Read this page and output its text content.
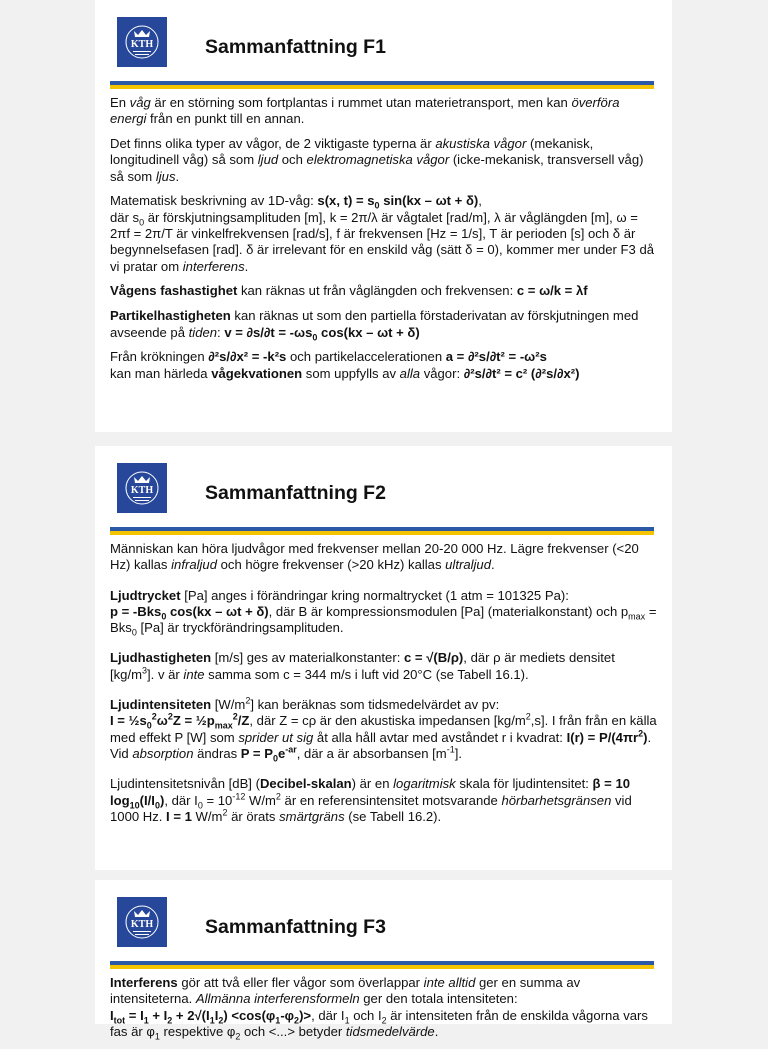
KTH	Sammanfattning F1

En våg är en störning som fortplantas i rummet utan materietransport, men kan överföra energi från en punkt till en annan.

Det finns olika typer av vågor, de 2 viktigaste typerna är akustiska vågor (mekanisk, longitudinell våg) så som ljud och elektromagnetiska vågor (icke-mekanisk, transversell våg) så som ljus.

Matematisk beskrivning av 1D-våg: s(x, $t) = s_0$ sin(kx – ωt + δ),
där $s_0$ är förskjutningsamplituden [m], k = 2π/λ är vågtalet [rad/m], λ är våglängden [m], ω = 2πf = 2π/T är vinkelfrekvensen [rad/s], f är frekvensen [Hz = 1/s], T är perioden [s] och δ är begynnelsefasen [rad]. δ är irrelevant för en enskild våg (sätt δ = 0), kommer mer under F3 då vi pratar om interferens.

Vågens fashastighet kan räknas ut från våglängden och frekvensen: c = ω/k = λf

Partikelhastigheten kan räknas ut som den partiella förstaderivatan av förskjutningen med avseende på tiden: $v = \partial s/\partial t = -\omega s_0$ cos(kx – ωt + δ)

Från krökningen ∂²s/∂x² = -k²s och partikelaccelerationen a = ∂²s/∂t² = -ω²s
kan man härleda vågekvationen som uppfylls av alla vågor: ∂²s/∂t² = c² (∂²s/∂x²)

KTH	Sammanfattning F2

Människan kan höra ljudvågor med frekvenser mellan 20-20 000 Hz. Lägre frekvenser (<20 Hz) kallas infraljud och högre frekvenser (>20 kHz) kallas ultraljud.

Ljudtrycket [Pa] anges i förändringar kring normaltrycket (1 atm = 101325 Pa):
p = -Bks$_0$ cos(kx – ωt + δ), där B är kompressionsmodulen [Pa] (materialkonstant) och $p_{max} = Bks_0$ [Pa] är tryckförändringsamplituden.

Ljudhastigheten [m/s] ges av materialkonstanter: c = √(B/ρ), där ρ är mediets densitet $[kg/m^3]$. v är inte samma som c = 344 m/s i luft vid 20°C (se Tabell 16.1).

Ljudintensiteten $[W/m^2]$ kan beräknas som tidsmedelvärdet av pv:
$I = \frac{1}{2}s_0^2\omega^2Z$ = $\frac{1}{2}p_{max}^2/Z$, där Z = cρ är den akustiska impedansen $[kg/m^2,s]$. I från från en källa med effekt P [W] som sprider ut sig åt alla håll avtar med avståndet r i kvadrat: $I(r) = P/(4\pi r^2)$. Vid absorption ändras $P = P_0e^{-ar}$, där a är absorbansen $[m^{-1}]$.

Ljudintensitetsnivån [dB] (Decibel-skalan) är en logaritmisk skala för ljudintensitet: β = 10 $\log_{10}(I/I_0)$, där $I_0 = 10^{-12}$ $W/m^2$ är en referensintensitet motsvarande hörbarhetsgränsen vid 1000 Hz. I = 1 $W/m^2$ är örats smärtgräns (se Tabell 16.2).

KTH	Sammanfattning F3

Interferens gör att två eller fler vågor som överlappar inte alltid ger en summa av intensiteterna. Allmänna interferensformeln ger den totala intensiteten:
$I_{tot} = I_1 + I_2 + 2√(I_1I_2) <\cos(\varphi_1-\varphi_2)>$, där $I_1$ och $I_2$ är intensiteten från de enskilda vågorna vars fas är $\varphi_1$ respektive $\varphi_2$ och <...> betyder tidsmedelvärde.
